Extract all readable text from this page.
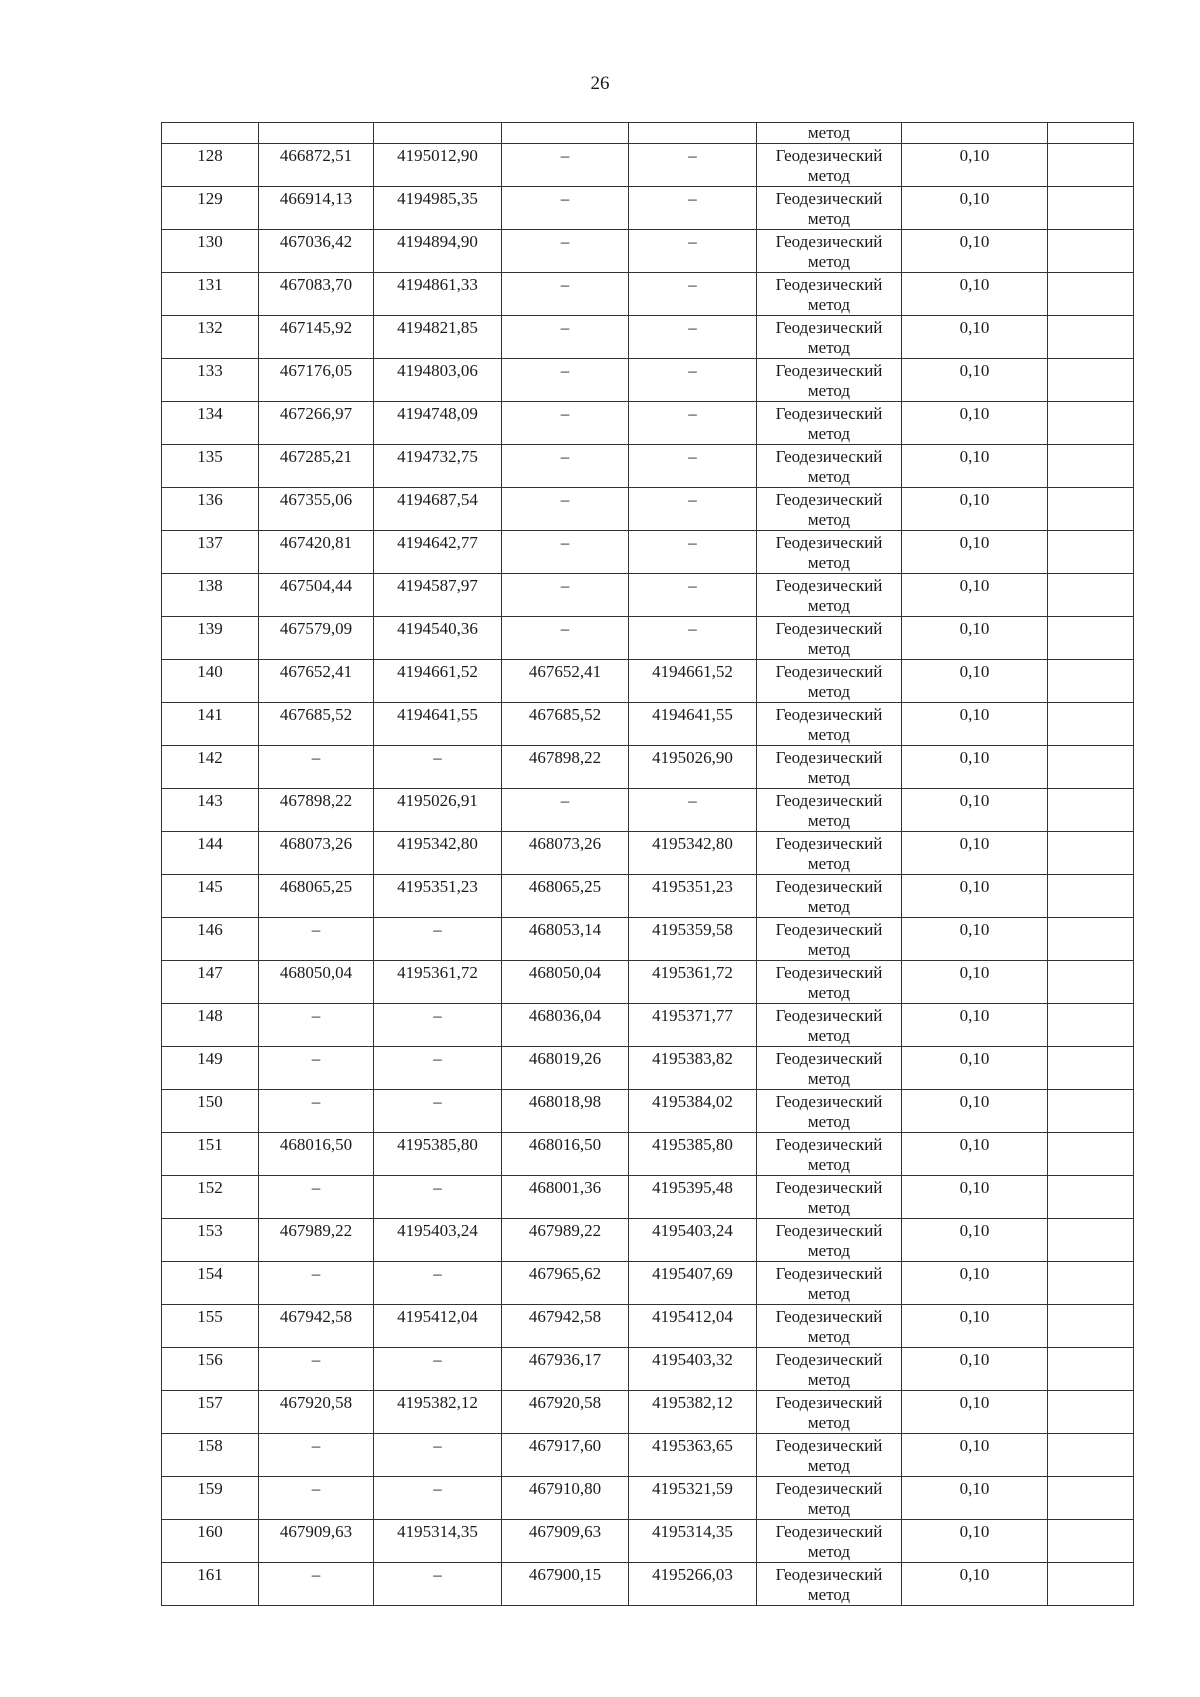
26

					метод		

128	466872,51	4195012,90	–	–	Геодезический
метод	0,10	

129	466914,13	4194985,35	–	–	Геодезический
метод	0,10	

130	467036,42	4194894,90	–	–	Геодезический
метод	0,10	

131	467083,70	4194861,33	–	–	Геодезический
метод	0,10	

132	467145,92	4194821,85	–	–	Геодезический
метод	0,10	

133	467176,05	4194803,06	–	–	Геодезический
метод	0,10	

134	467266,97	4194748,09	–	–	Геодезический
метод	0,10	

135	467285,21	4194732,75	–	–	Геодезический
метод	0,10	

136	467355,06	4194687,54	–	–	Геодезический
метод	0,10	

137	467420,81	4194642,77	–	–	Геодезический
метод	0,10	

138	467504,44	4194587,97	–	–	Геодезический
метод	0,10	

139	467579,09	4194540,36	–	–	Геодезический
метод	0,10	

140	467652,41	4194661,52	467652,41	4194661,52	Геодезический
метод	0,10	

141	467685,52	4194641,55	467685,52	4194641,55	Геодезический
метод	0,10	

142	–	–	467898,22	4195026,90	Геодезический
метод	0,10	

143	467898,22	4195026,91	–	–	Геодезический
метод	0,10	

144	468073,26	4195342,80	468073,26	4195342,80	Геодезический
метод	0,10	

145	468065,25	4195351,23	468065,25	4195351,23	Геодезический
метод	0,10	

146	–	–	468053,14	4195359,58	Геодезический
метод	0,10	

147	468050,04	4195361,72	468050,04	4195361,72	Геодезический
метод	0,10	

148	–	–	468036,04	4195371,77	Геодезический
метод	0,10	

149	–	–	468019,26	4195383,82	Геодезический
метод	0,10	

150	–	–	468018,98	4195384,02	Геодезический
метод	0,10	

151	468016,50	4195385,80	468016,50	4195385,80	Геодезический
метод	0,10	

152	–	–	468001,36	4195395,48	Геодезический
метод	0,10	

153	467989,22	4195403,24	467989,22	4195403,24	Геодезический
метод	0,10	

154	–	–	467965,62	4195407,69	Геодезический
метод	0,10	

155	467942,58	4195412,04	467942,58	4195412,04	Геодезический
метод	0,10	

156	–	–	467936,17	4195403,32	Геодезический
метод	0,10	

157	467920,58	4195382,12	467920,58	4195382,12	Геодезический
метод	0,10	

158	–	–	467917,60	4195363,65	Геодезический
метод	0,10	

159	–	–	467910,80	4195321,59	Геодезический
метод	0,10	

160	467909,63	4195314,35	467909,63	4195314,35	Геодезический
метод	0,10	

161	–	–	467900,15	4195266,03	Геодезический
метод	0,10	
